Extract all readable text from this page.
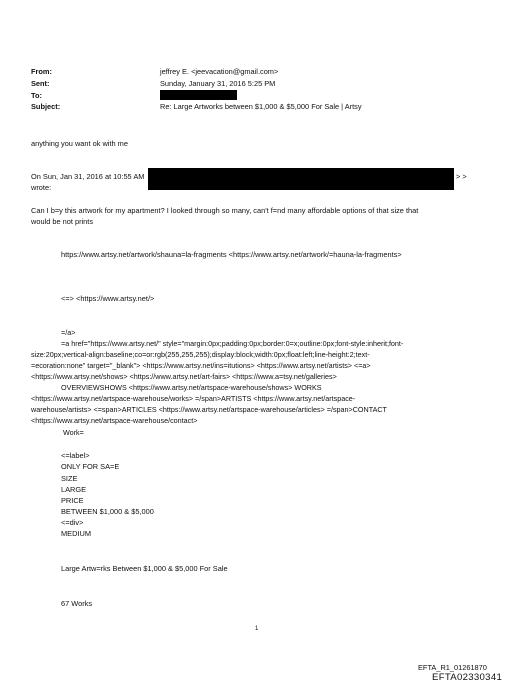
From:	jeffrey E. <jeevacation@gmail.com>
Sent:	Sunday, January 31, 2016 5:25 PM
To:
Subject:	Re: Large Artworks between $1,000 & $5,000 For Sale | Artsy
anything you want ok with me
On Sun, Jan 31, 2016 at 10:55 AM	> >
wrote:
Can I b=y this artwork for my apartment? I looked through so many, can't f=nd many affordable options of that size that
would be not prints
https://www.artsy.net/artwork/shauna=la-fragments <https://www.artsy.net/artwork/=hauna-la-fragments>
<=> <https://www.artsy.net/>
=/a>
=a href="https://www.artsy.net/" style="margin:0px;padding:0px;border:0=x;outline:0px;font-style:inherit;font-
size:20px;vertical-align:baseline;co=or:rgb(255,255,255);display:block;width:0px;float:left;line-height:2;text-
=ecoration:none" target="_blank"> <https://www.artsy.net/ins=itutions> <https://www.artsy.net/artists> <=a>
<https://www.artsy.net/shows> <https://www.artsy.net/art-fairs> <https://www.a=tsy.net/galleries>
OVERVIEWSHOWS <https://www.artsy.net/artspace-warehouse/shows> WORKS
<https://www.artsy.net/artspace-warehouse/works> =/span>ARTISTS <https://www.artsy.net/artspace-
warehouse/artists> <=span>ARTICLES <https://www.artsy.net/artspace-warehouse/articles> =/span>CONTACT
<https://www.artsy.net/artspace-warehouse/contact>
Work=
<=label>
ONLY FOR SA=E
SIZE
LARGE
PRICE
BETWEEN $1,000 & $5,000
<=div>
MEDIUM
Large Artw=rks Between $1,000 & $5,000 For Sale
67 Works
1
EFTA_R1_01261870
EFTA02330341
